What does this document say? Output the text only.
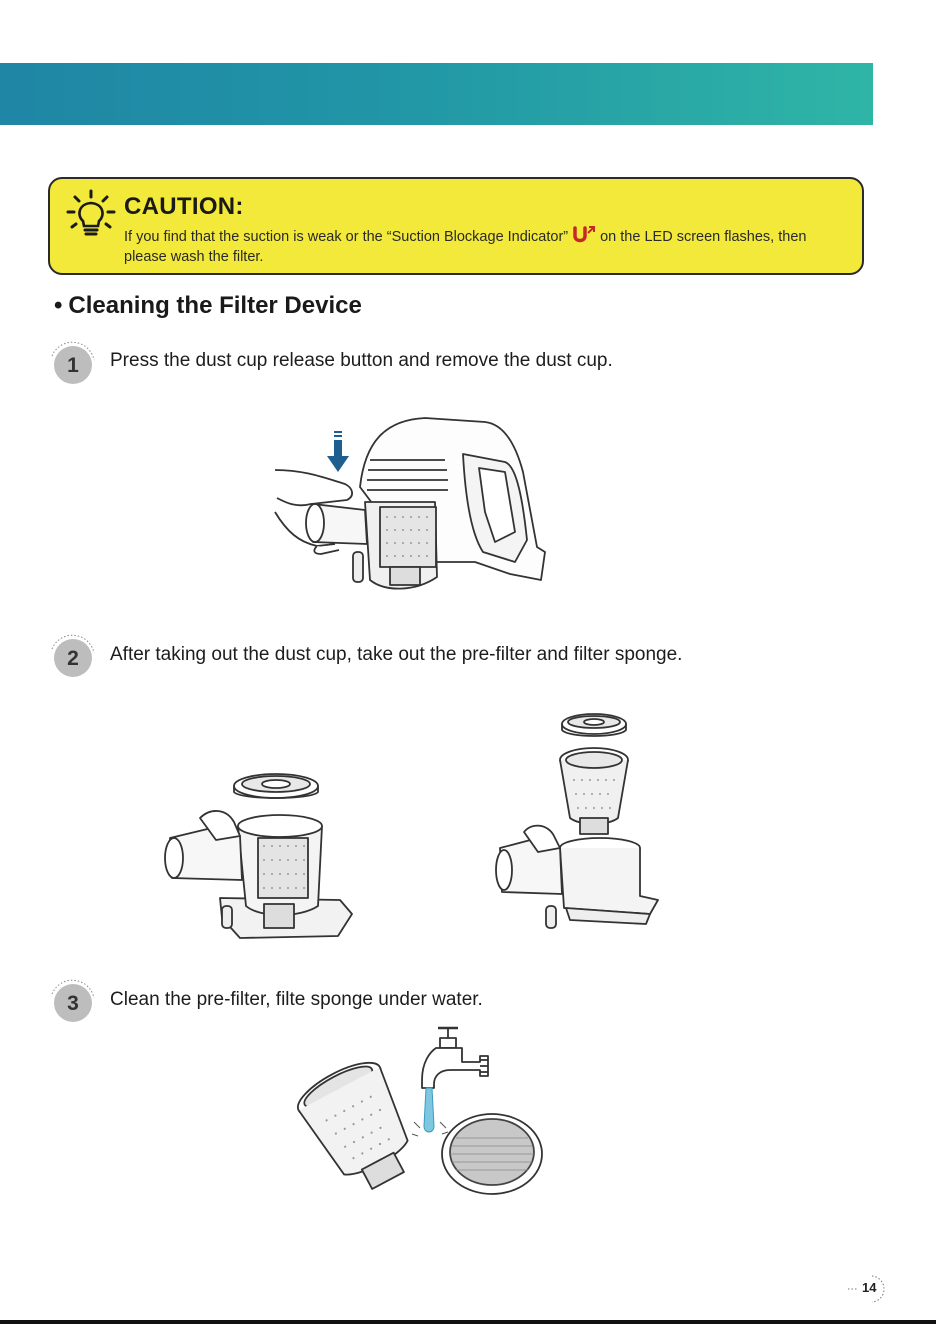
CAUTION:
If you find that the suction is weak or the “Suction Blockage Indicator” on the LED screen flashes, then please wash the filter.
• Cleaning the Filter Device
1 Press the dust cup release button and remove the dust cup.
2 After taking out the dust cup, take out the pre-filter and filter sponge.
3 Clean the pre-filter, filte sponge under water.
14
